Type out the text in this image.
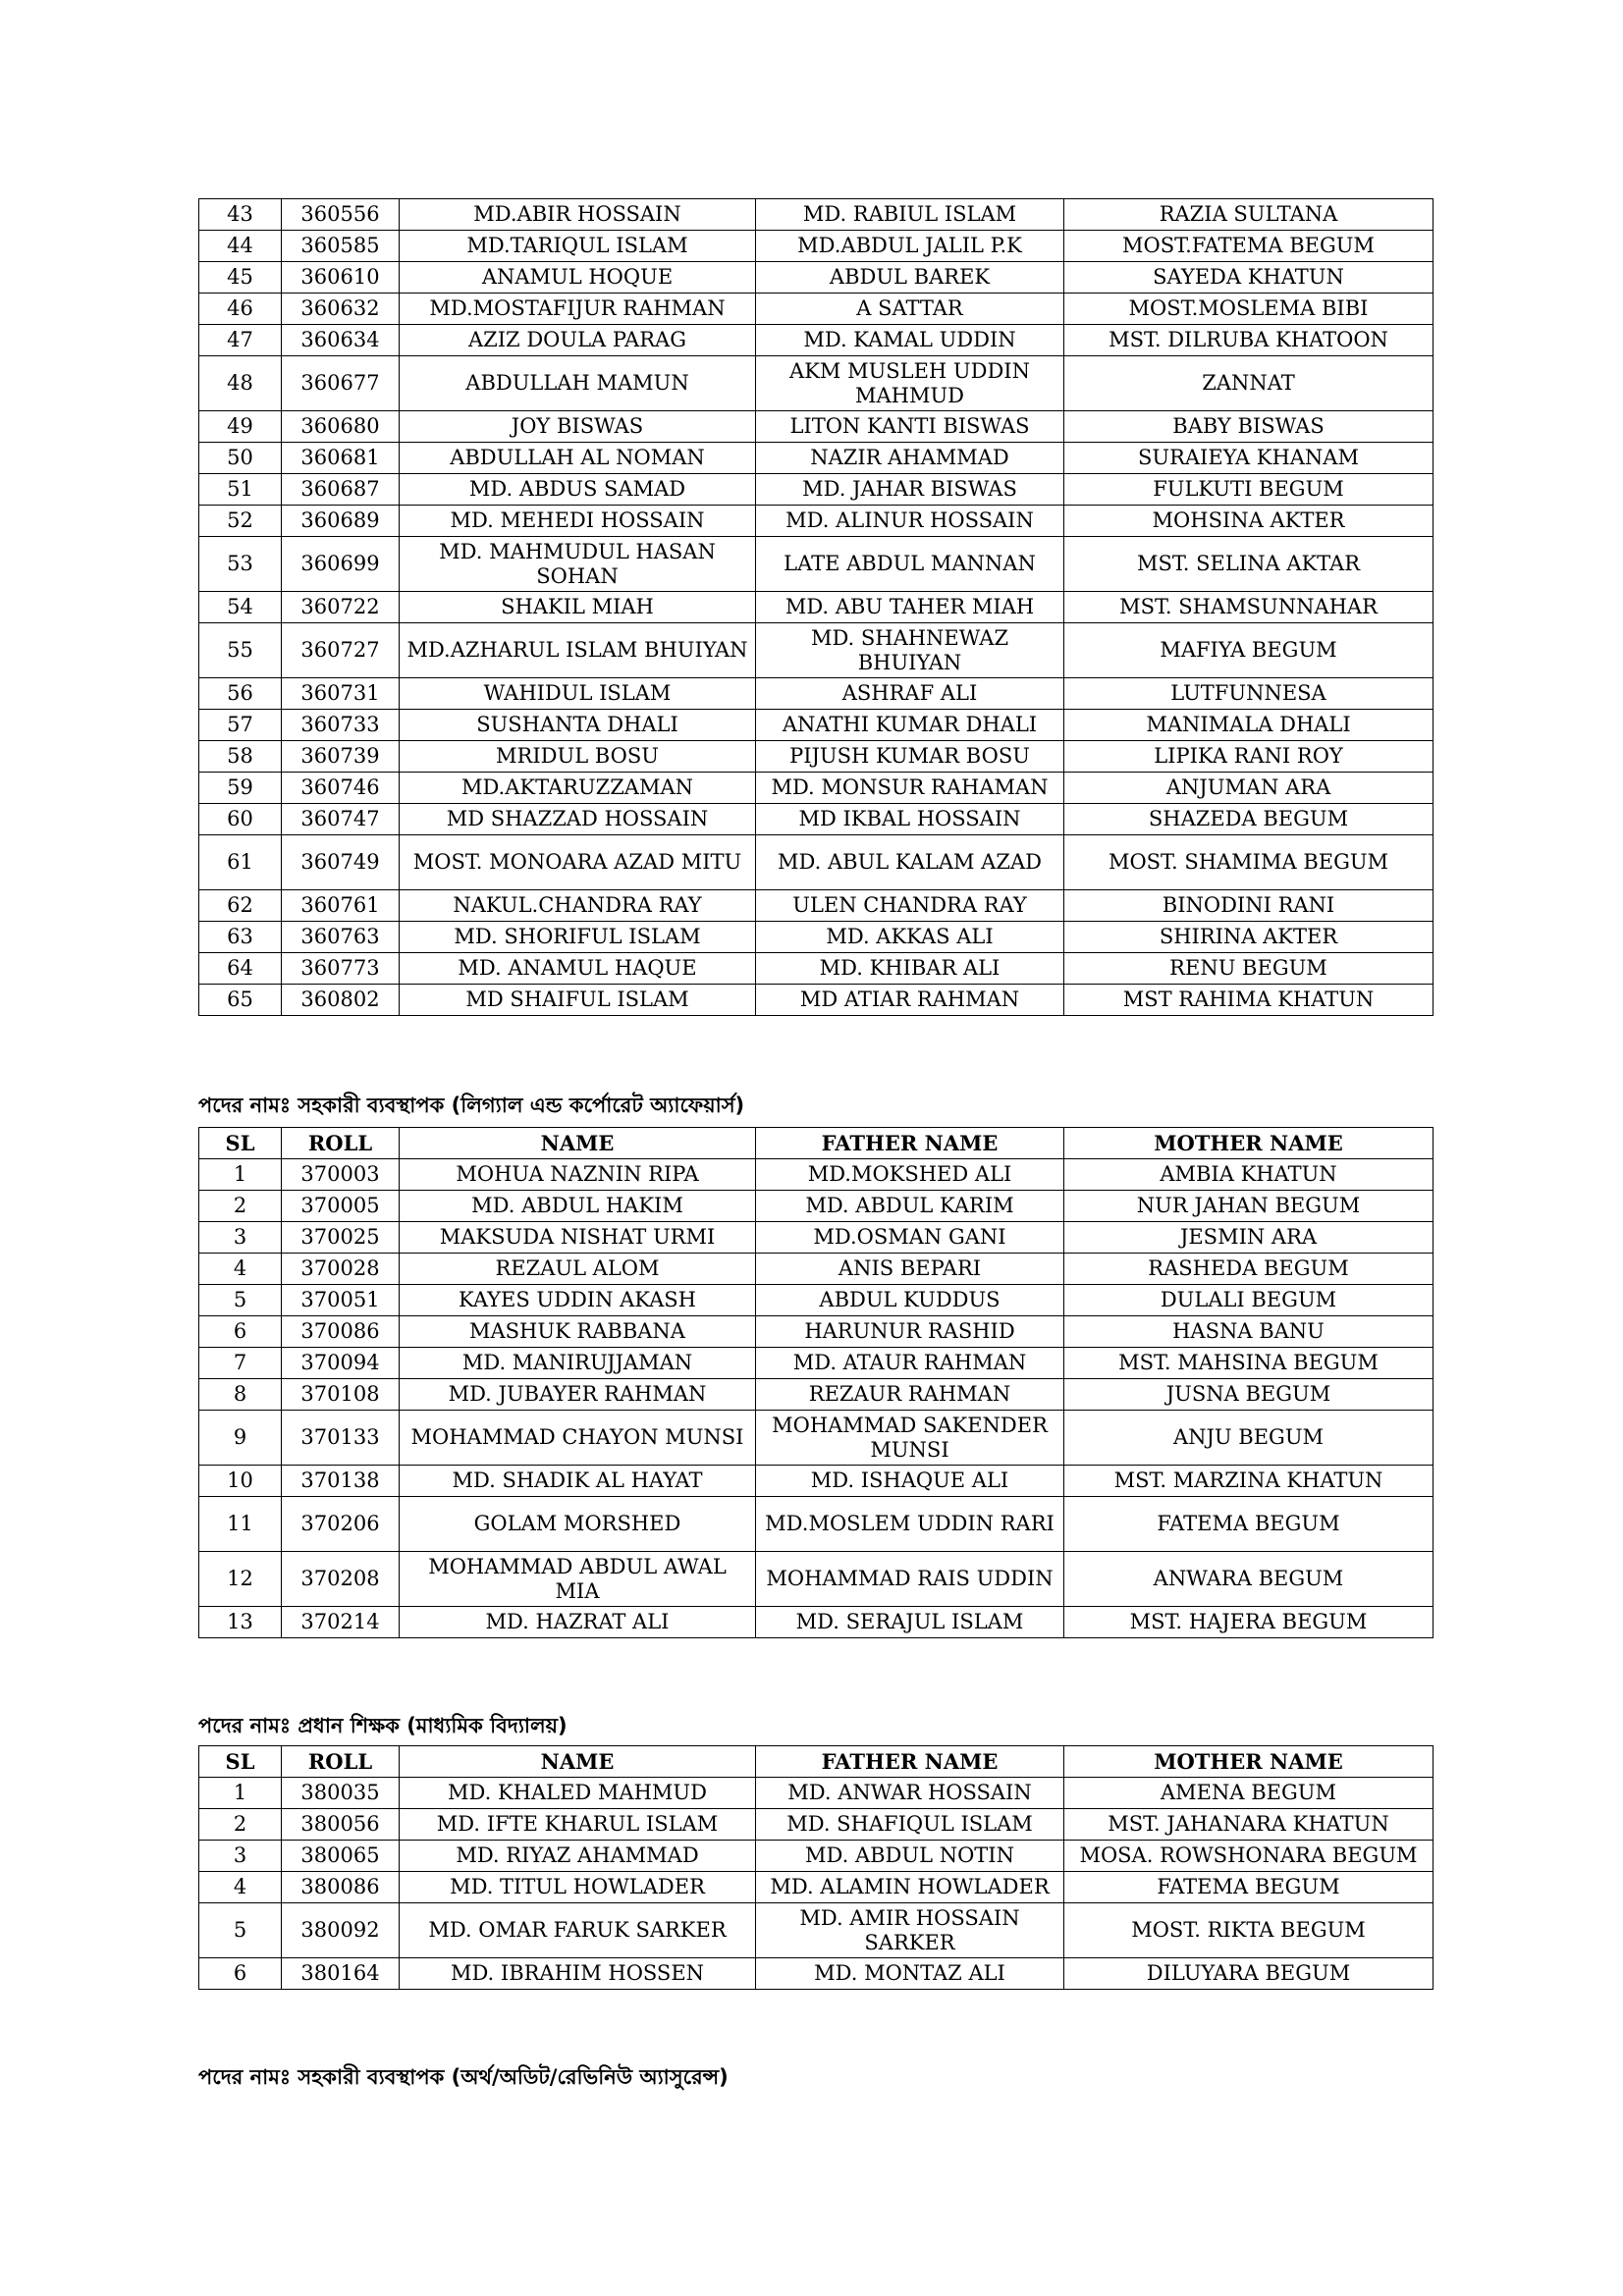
43	360556	MD.ABIR HOSSAIN	MD. RABIUL ISLAM	RAZIA SULTANA
44	360585	MD.TARIQUL ISLAM	MD.ABDUL JALIL P.K	MOST.FATEMA BEGUM
45	360610	ANAMUL HOQUE	ABDUL BAREK	SAYEDA KHATUN
46	360632	MD.MOSTAFIJUR RAHMAN	A SATTAR	MOST.MOSLEMA BIBI
47	360634	AZIZ DOULA PARAG	MD. KAMAL UDDIN	MST. DILRUBA KHATOON
48	360677	ABDULLAH MAMUN	AKM MUSLEH UDDIN MAHMUD	ZANNAT
49	360680	JOY BISWAS	LITON KANTI BISWAS	BABY BISWAS
50	360681	ABDULLAH AL NOMAN	NAZIR AHAMMAD	SURAIEYA KHANAM
51	360687	MD. ABDUS SAMAD	MD. JAHAR BISWAS	FULKUTI BEGUM
52	360689	MD. MEHEDI HOSSAIN	MD. ALINUR HOSSAIN	MOHSINA AKTER
53	360699	MD. MAHMUDUL HASAN SOHAN	LATE ABDUL MANNAN	MST. SELINA AKTAR
54	360722	SHAKIL MIAH	MD. ABU TAHER MIAH	MST. SHAMSUNNAHAR
55	360727	MD.AZHARUL ISLAM BHUIYAN	MD. SHAHNEWAZ BHUIYAN	MAFIYA BEGUM
56	360731	WAHIDUL ISLAM	ASHRAF ALI	LUTFUNNESA
57	360733	SUSHANTA DHALI	ANATHI KUMAR DHALI	MANIMALA DHALI
58	360739	MRIDUL BOSU	PIJUSH KUMAR BOSU	LIPIKA RANI ROY
59	360746	MD.AKTARUZZAMAN	MD. MONSUR RAHAMAN	ANJUMAN ARA
60	360747	MD SHAZZAD HOSSAIN	MD IKBAL HOSSAIN	SHAZEDA BEGUM
61	360749	MOST. MONOARA AZAD MITU	MD. ABUL KALAM AZAD	MOST. SHAMIMA BEGUM
62	360761	NAKUL.CHANDRA RAY	ULEN CHANDRA RAY	BINODINI RANI
63	360763	MD. SHORIFUL ISLAM	MD. AKKAS ALI	SHIRINA AKTER
64	360773	MD. ANAMUL HAQUE	MD. KHIBAR ALI	RENU BEGUM
65	360802	MD SHAIFUL ISLAM	MD ATIAR RAHMAN	MST RAHIMA KHATUN
পদের নামঃ সহকারী ব্যবস্থাপক (লিগ্যাল এন্ড কর্পোরেট অ্যাফেয়ার্স)
SL	ROLL	NAME	FATHER NAME	MOTHER NAME
1	370003	MOHUA NAZNIN RIPA	MD.MOKSHED ALI	AMBIA KHATUN
2	370005	MD. ABDUL HAKIM	MD. ABDUL KARIM	NUR JAHAN BEGUM
3	370025	MAKSUDA NISHAT URMI	MD.OSMAN GANI	JESMIN ARA
4	370028	REZAUL ALOM	ANIS BEPARI	RASHEDA BEGUM
5	370051	KAYES UDDIN AKASH	ABDUL KUDDUS	DULALI BEGUM
6	370086	MASHUK RABBANA	HARUNUR RASHID	HASNA BANU
7	370094	MD. MANIRUJJAMAN	MD. ATAUR RAHMAN	MST. MAHSINA BEGUM
8	370108	MD. JUBAYER RAHMAN	REZAUR RAHMAN	JUSNA BEGUM
9	370133	MOHAMMAD CHAYON MUNSI	MOHAMMAD SAKENDER MUNSI	ANJU BEGUM
10	370138	MD. SHADIK AL HAYAT	MD. ISHAQUE ALI	MST. MARZINA KHATUN
11	370206	GOLAM MORSHED	MD.MOSLEM UDDIN RARI	FATEMA BEGUM
12	370208	MOHAMMAD ABDUL AWAL MIA	MOHAMMAD RAIS UDDIN	ANWARA BEGUM
13	370214	MD. HAZRAT ALI	MD. SERAJUL ISLAM	MST. HAJERA BEGUM
পদের নামঃ প্রধান শিক্ষক (মাধ্যমিক বিদ্যালয়)
SL	ROLL	NAME	FATHER NAME	MOTHER NAME
1	380035	MD. KHALED MAHMUD	MD. ANWAR HOSSAIN	AMENA BEGUM
2	380056	MD. IFTE KHARUL ISLAM	MD. SHAFIQUL ISLAM	MST. JAHANARA KHATUN
3	380065	MD. RIYAZ AHAMMAD	MD. ABDUL NOTIN	MOSA. ROWSHONARA BEGUM
4	380086	MD. TITUL HOWLADER	MD. ALAMIN HOWLADER	FATEMA BEGUM
5	380092	MD. OMAR FARUK SARKER	MD. AMIR HOSSAIN SARKER	MOST. RIKTA BEGUM
6	380164	MD. IBRAHIM HOSSEN	MD. MONTAZ ALI	DILUYARA BEGUM
পদের নামঃ সহকারী ব্যবস্থাপক (অর্থ/অডিট/রেভিনিউ অ্যাসুরেন্স)
